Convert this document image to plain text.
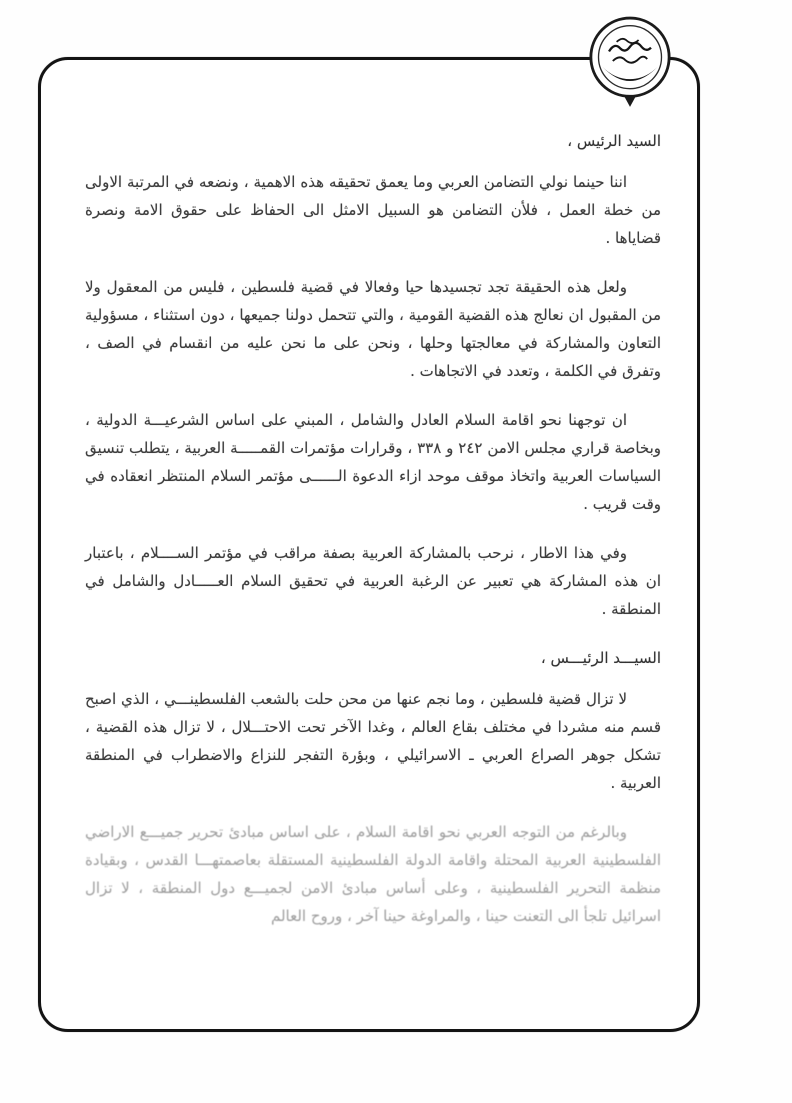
السيد الرئيس ،

اننا حينما نولي التضامن العربي وما يعمق تحقيقه هذه الاهمية ، ونضعه في المرتبة الاولى من خطة العمل ، فلأن التضامن هو السبيل الامثل الى الحفاظ على حقوق الامة ونصرة قضاياها .

ولعل هذه الحقيقة تجد تجسيدها حيا وفعالا في قضية فلسطين ، فليس من المعقول ولا من المقبول ان نعالج هذه القضية القومية ، والتي تتحمل دولنا جميعها ، دون استثناء ، مسؤولية التعاون والمشاركة في معالجتها وحلها ، ونحن على ما نحن عليه من انقسام في الصف ، وتفرق في الكلمة ، وتعدد في الاتجاهات .

ان توجهنا نحو اقامة السلام العادل والشامل ، المبني على اساس الشرعيـــة الدولية ، وبخاصة قراري مجلس الامن ٢٤٢ و ٣٣٨ ، وقرارات مؤتمرات القمـــــة العربية ، يتطلب تنسيق السياسات العربية واتخاذ موقف موحد ازاء الدعوة الــــــى مؤتمر السلام المنتظر انعقاده في وقت قريب .

وفي هذا الاطار ، نرحب بالمشاركة العربية بصفة مراقب في مؤتمر الســــلام ، باعتبار ان هذه المشاركة هي تعبير عن الرغبة العربية في تحقيق السلام العـــــادل والشامل في المنطقة .

السيـــد الرئيـــس ،

لا تزال قضية فلسطين ، وما نجم عنها من محن حلت بالشعب الفلسطينـــي ، الذي اصبح قسم منه مشردا في مختلف بقاع العالم ، وغدا الآخر تحت الاحتـــلال ، لا تزال هذه القضية ، تشكل جوهر الصراع العربي ـ الاسرائيلي ، وبؤرة التفجر للنزاع والاضطراب في المنطقة العربية .

وبالرغم من التوجه العربي نحو اقامة السلام ، على اساس مبادئ تحرير جميـــع الاراضي الفلسطينية العربية المحتلة واقامة الدولة الفلسطينية المستقلة بعاصمتهـــا القدس ، وبقيادة منظمة التحرير الفلسطينية ، وعلى أساس مبادئ الامن لجميـــع دول المنطقة ، لا تزال اسرائيل تلجأ الى التعنت حينا ، والمراوغة حينا آخر ، وروح العالم
